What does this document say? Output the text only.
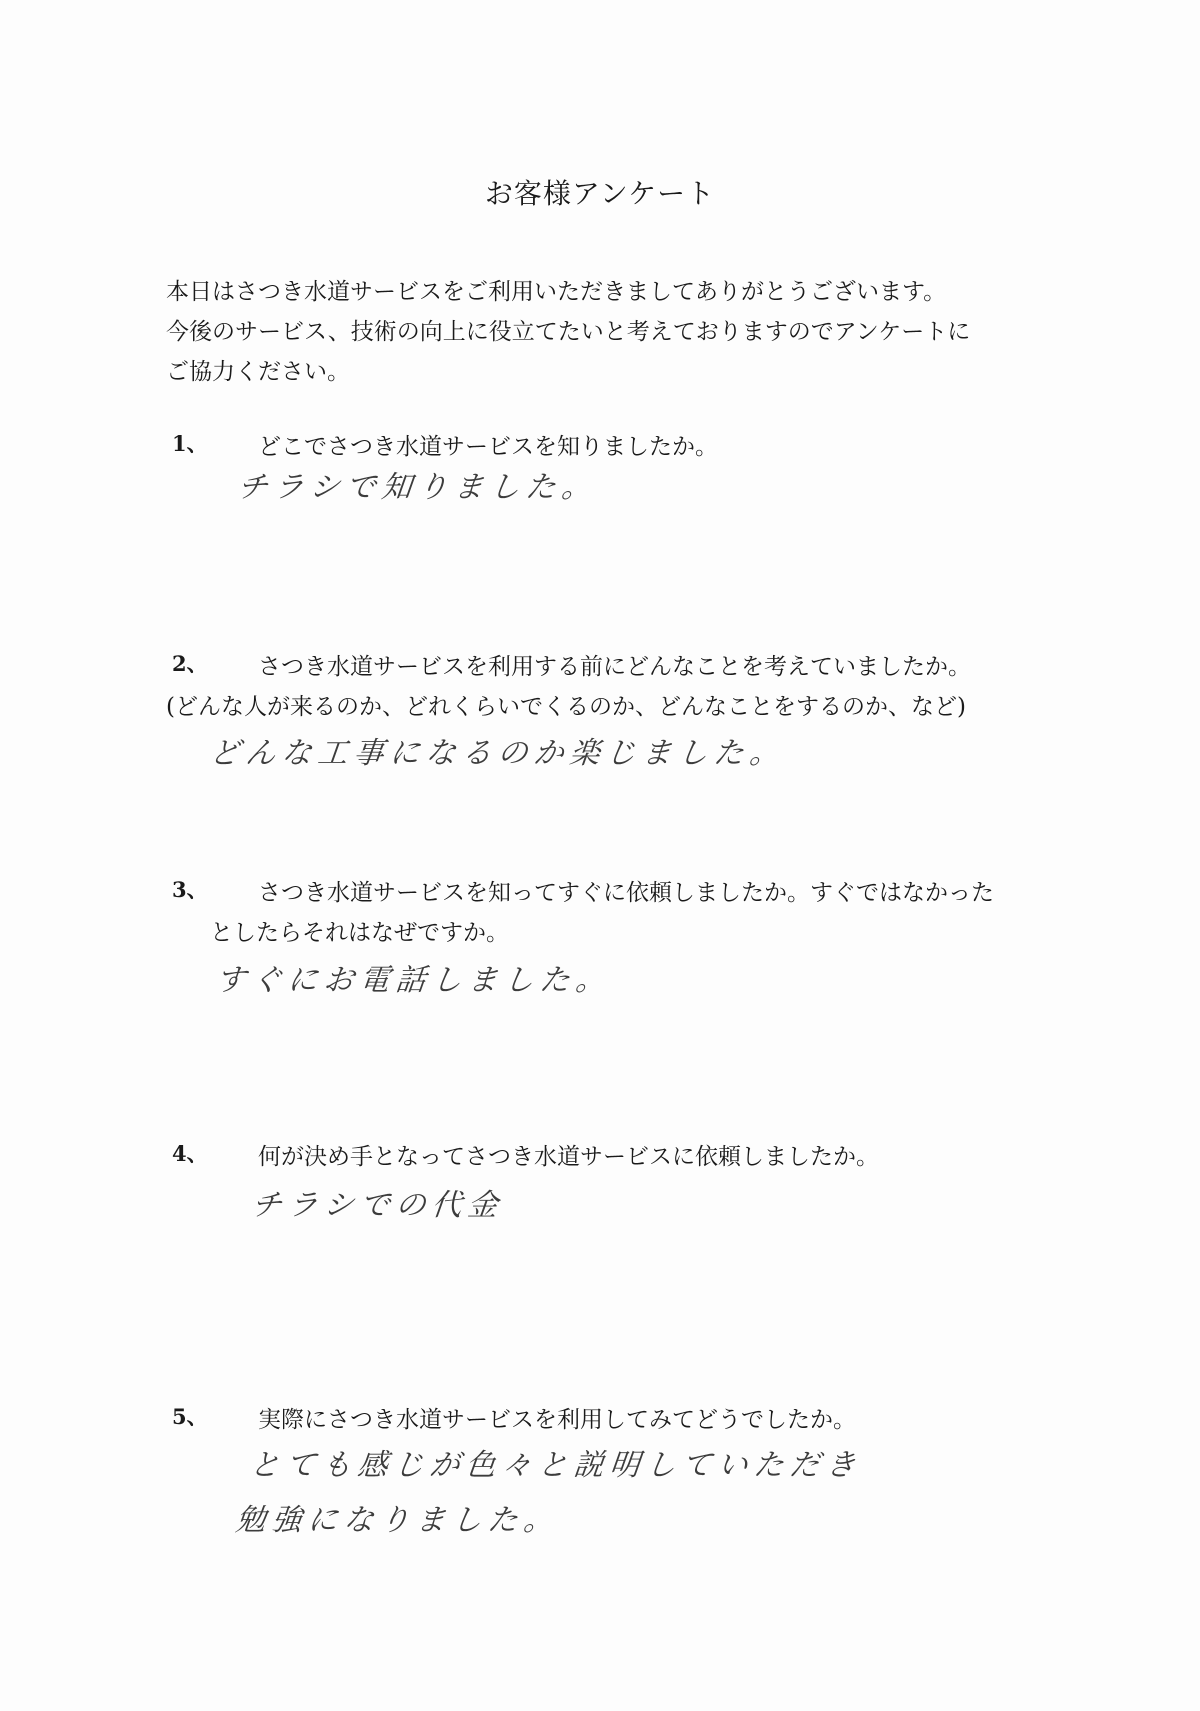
お客様アンケート
本日はさつき水道サービスをご利用いただきましてありがとうございます。
今後のサービス、技術の向上に役立てたいと考えておりますのでアンケートに
ご協力ください。
1、 どこでさつき水道サービスを知りましたか。
チラシで知りました。
2、 さつき水道サービスを利用する前にどんなことを考えていましたか。
(どんな人が来るのか、どれくらいでくるのか、どんなことをするのか、など)
どんな工事になるのか楽じました。
3、 さつき水道サービスを知ってすぐに依頼しましたか。すぐではなかった
としたらそれはなぜですか。
すぐにお電話しました。
4、 何が決め手となってさつき水道サービスに依頼しましたか。
チラシでの代金
5、 実際にさつき水道サービスを利用してみてどうでしたか。
とても感じが色々と説明していただき
勉強になりました。
